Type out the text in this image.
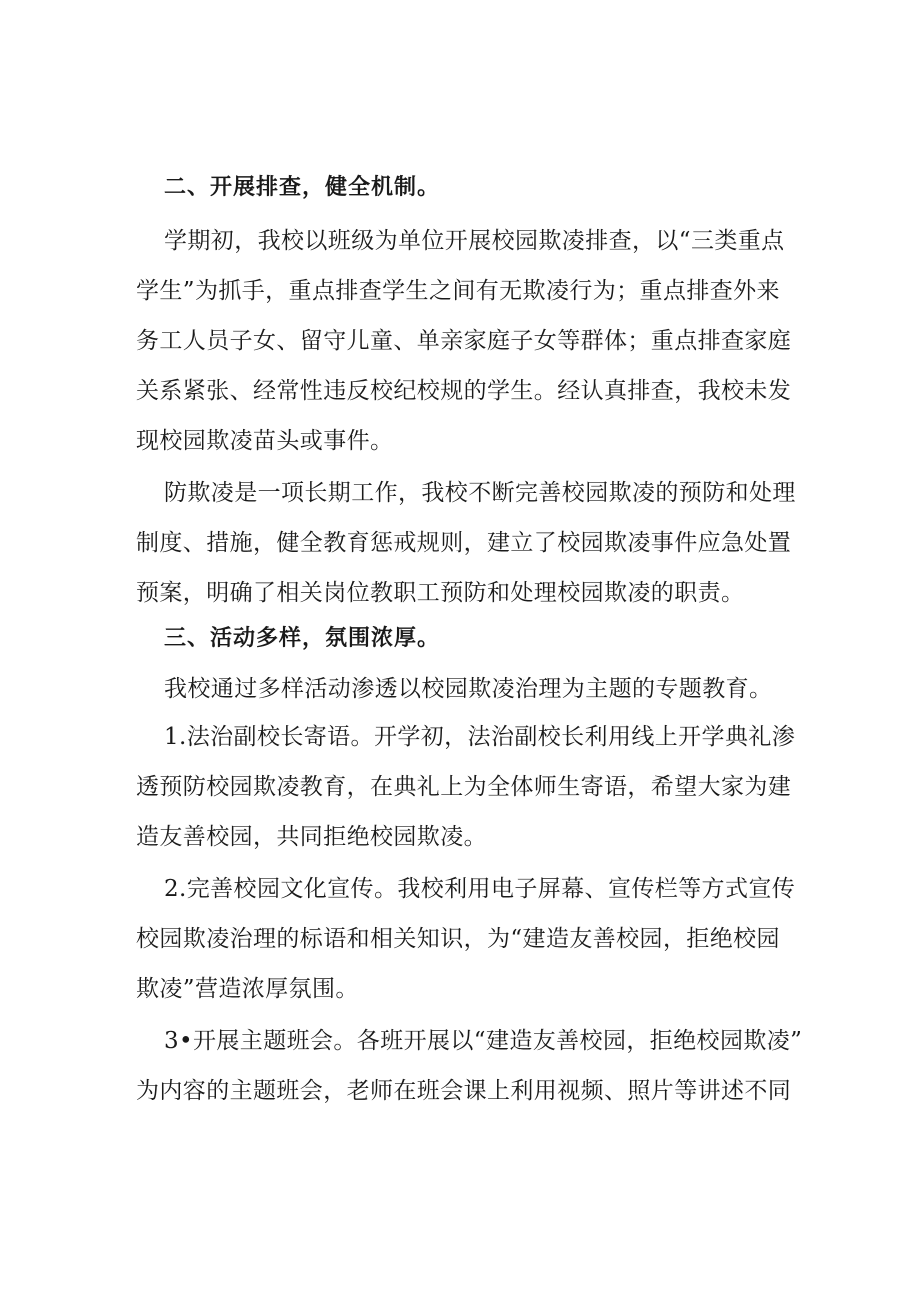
二、开展排查，健全机制。
学期初，我校以班级为单位开展校园欺凌排查，以“三类重点
学生”为抓手，重点排查学生之间有无欺凌行为；重点排查外来
务工人员子女、留守儿童、单亲家庭子女等群体；重点排查家庭
关系紧张、经常性违反校纪校规的学生。经认真排查，我校未发
现校园欺凌苗头或事件。
防欺凌是一项长期工作，我校不断完善校园欺凌的预防和处理
制度、措施，健全教育惩戒规则，建立了校园欺凌事件应急处置
预案，明确了相关岗位教职工预防和处理校园欺凌的职责。
三、活动多样，氛围浓厚。
我校通过多样活动渗透以校园欺凌治理为主题的专题教育。
1.法治副校长寄语。开学初，法治副校长利用线上开学典礼渗
透预防校园欺凌教育，在典礼上为全体师生寄语，希望大家为建
造友善校园，共同拒绝校园欺凌。
2.完善校园文化宣传。我校利用电子屏幕、宣传栏等方式宣传
校园欺凌治理的标语和相关知识，为“建造友善校园，拒绝校园
欺凌”营造浓厚氛围。
3•开展主题班会。各班开展以“建造友善校园，拒绝校园欺凌”
为内容的主题班会，老师在班会课上利用视频、照片等讲述不同
